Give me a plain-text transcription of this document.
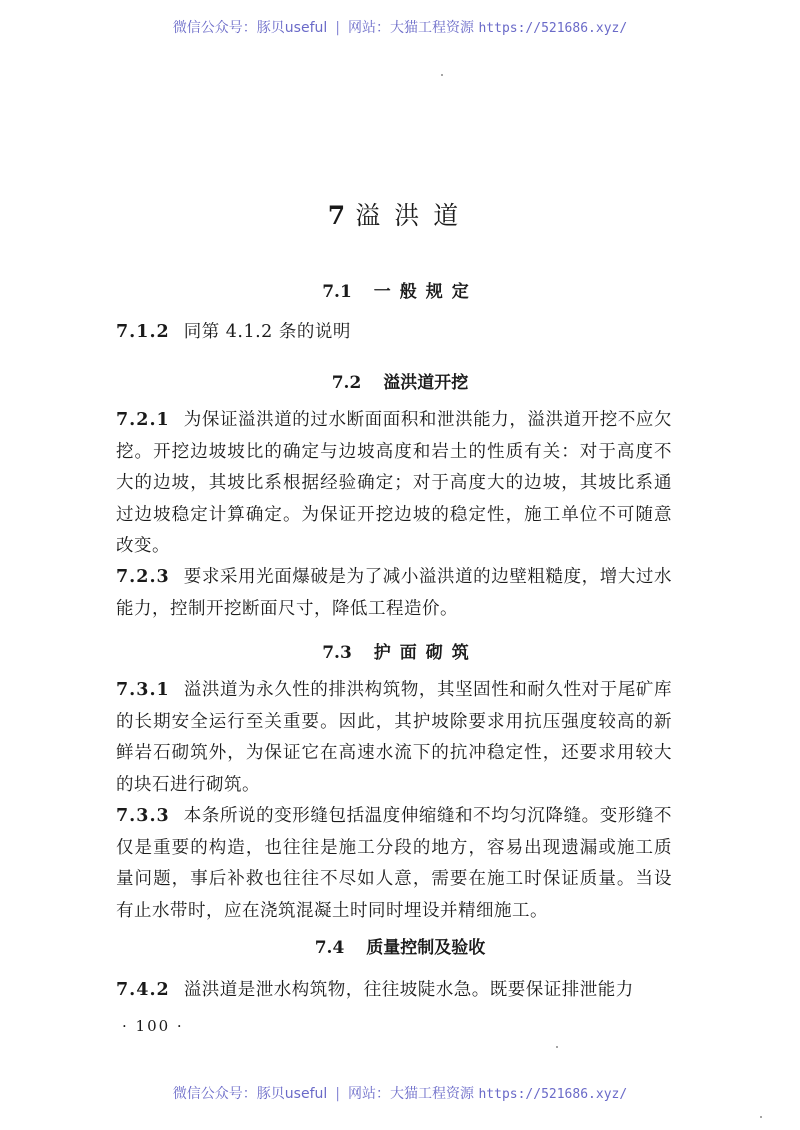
微信公众号：豚贝useful | 网站：大猫工程资源 https://521686.xyz/
7 溢洪道
7.1 一般规定
7.1.2 同第 4.1.2 条的说明
7.2 溢洪道开挖
7.2.1 为保证溢洪道的过水断面面积和泄洪能力，溢洪道开挖不应欠挖。开挖边坡坡比的确定与边坡高度和岩土的性质有关：对于高度不大的边坡，其坡比系根据经验确定；对于高度大的边坡，其坡比系通过边坡稳定计算确定。为保证开挖边坡的稳定性，施工单位不可随意改变。
7.2.3 要求采用光面爆破是为了减小溢洪道的边壁粗糙度，增大过水能力，控制开挖断面尺寸，降低工程造价。
7.3 护面砌筑
7.3.1 溢洪道为永久性的排洪构筑物，其坚固性和耐久性对于尾矿库的长期安全运行至关重要。因此，其护坡除要求用抗压强度较高的新鲜岩石砌筑外，为保证它在高速水流下的抗冲稳定性，还要求用较大的块石进行砌筑。
7.3.3 本条所说的变形缝包括温度伸缩缝和不均匀沉降缝。变形缝不仅是重要的构造，也往往是施工分段的地方，容易出现遗漏或施工质量问题，事后补救也往往不尽如人意，需要在施工时保证质量。当设有止水带时，应在浇筑混凝土时同时埋设并精细施工。
7.4 质量控制及验收
7.4.2 溢洪道是泄水构筑物，往往坡陡水急。既要保证排泄能力
· 100 ·
微信公众号：豚贝useful | 网站：大猫工程资源 https://521686.xyz/
